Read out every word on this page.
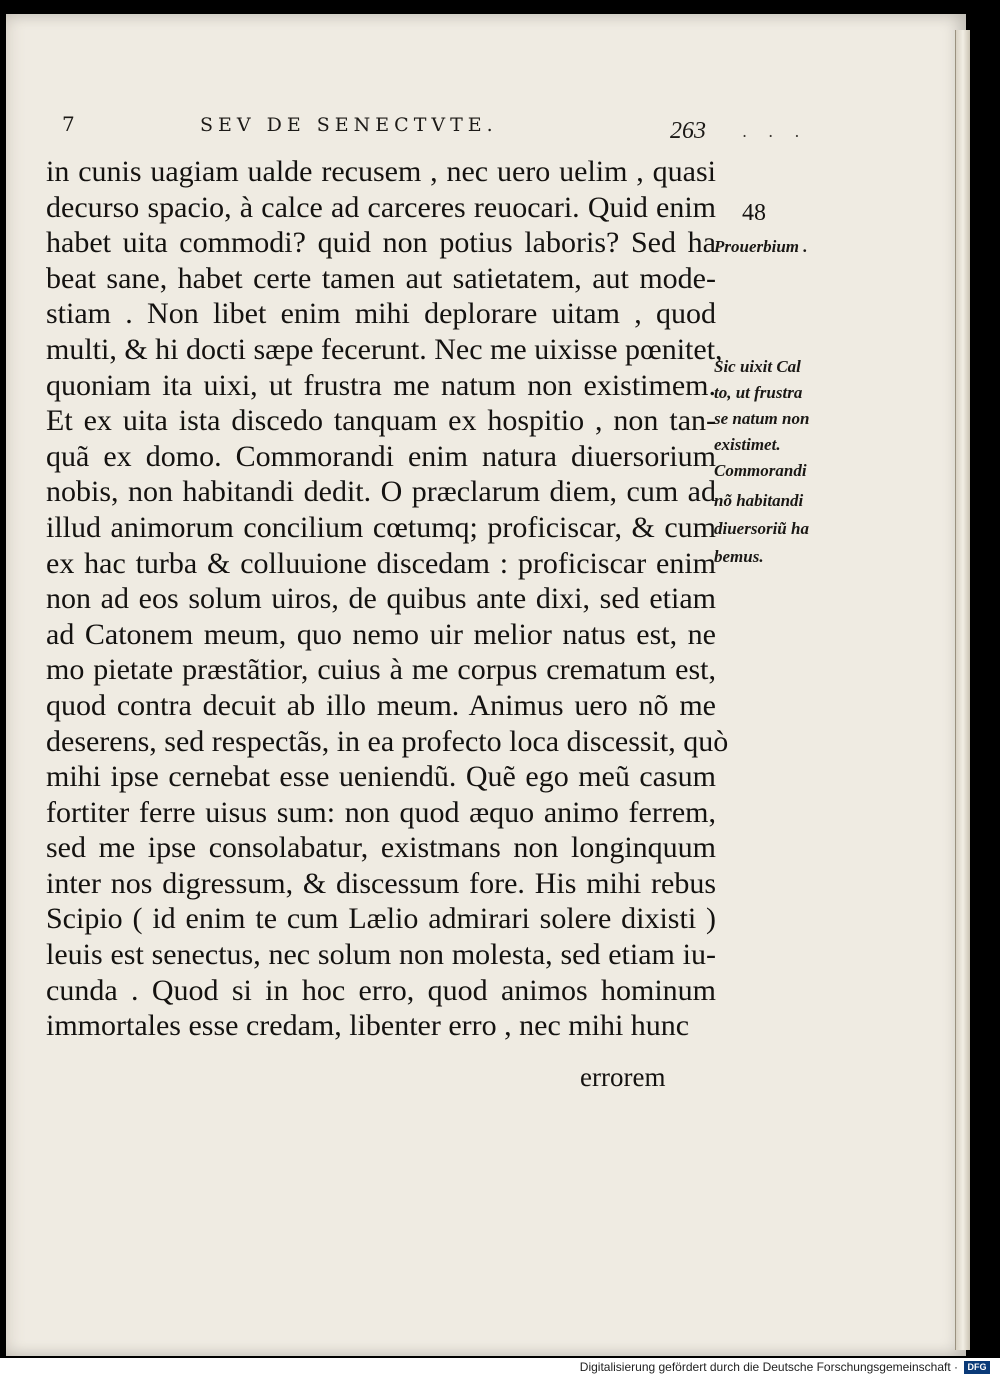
7	SEV DE SENECTVTE.	263 . . .

in cunis uagiam ualde recusem , nec uero uelim , quasi

decurso spacio, à calce ad carceres reuocari. Quid enim

habet uita commodi? quid non potius laboris? Sed ha

beat sane, habet certe tamen aut satietatem, aut mode-

stiam . Non libet enim mihi deplorare uitam , quod

multi, & hi docti sæpe fecerunt. Nec me uixisse pœnitet,

quoniam ita uixi, ut frustra me natum non existimem.

Et ex uita ista discedo tanquam ex hospitio , non tan-

quã ex domo. Commorandi enim natura diuersorium

nobis, non habitandi dedit. O præclarum diem, cum ad

illud animorum concilium cœtumq; proficiscar, & cum

ex hac turba & colluuione discedam : proficiscar enim

non ad eos solum uiros, de quibus ante dixi, sed etiam

ad Catonem meum, quo nemo uir melior natus est, ne

mo pietate præstãtior, cuius à me corpus crematum est,

quod contra decuit ab illo meum. Animus uero nõ me

deserens, sed respectãs, in ea profecto loca discessit, quò

mihi ipse cernebat esse ueniendũ. Quẽ ego meũ casum

fortiter ferre uisus sum: non quod æquo animo ferrem,

sed me ipse consolabatur, existmans non longinquum

inter nos digressum, & discessum fore. His mihi rebus

Scipio ( id enim te cum Lælio admirari solere dixisti )

leuis est senectus, nec solum non molesta, sed etiam iu-

cunda . Quod si in hoc erro, quod animos hominum

immortales esse credam, libenter erro , nec mihi hunc

errorem
48
Prouerbium .
Sic uixit Cal
to, ut frustra
se natum non
existimet.
Commorandi
nõ habitandi
diuersoriũ ha
bemus.
Digitalisierung gefördert durch die Deutsche Forschungsgemeinschaft ·	DFG
